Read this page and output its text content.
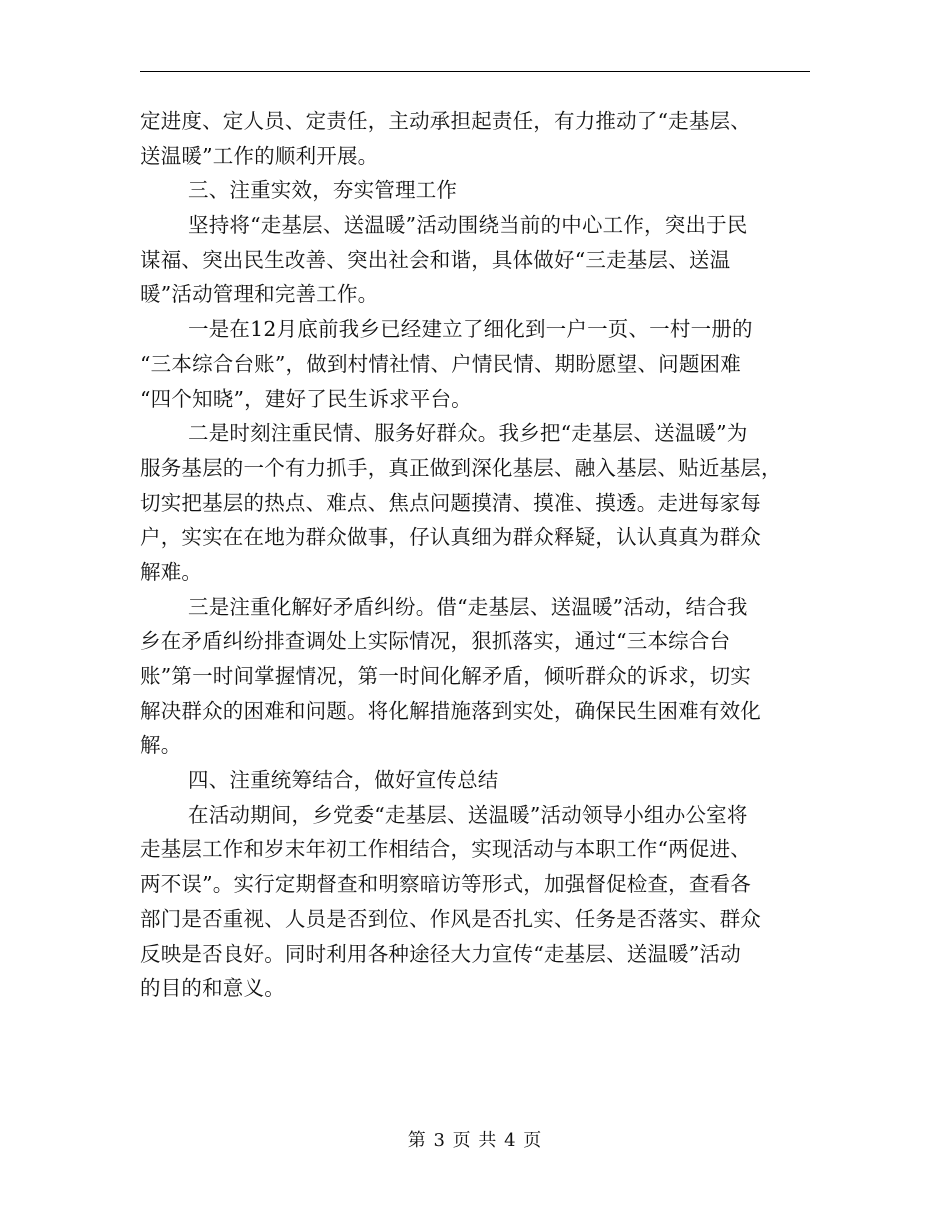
定进度、定人员、定责任，主动承担起责任，有力推动了“走基层、
送温暖”工作的顺利开展。
三、注重实效，夯实管理工作
坚持将“走基层、送温暖”活动围绕当前的中心工作，突出于民
谋福、突出民生改善、突出社会和谐，具体做好“三走基层、送温
暖”活动管理和完善工作。
一是在12月底前我乡已经建立了细化到一户一页、一村一册的
“三本综合台账”，做到村情社情、户情民情、期盼愿望、问题困难
“四个知晓”，建好了民生诉求平台。
二是时刻注重民情、服务好群众。我乡把“走基层、送温暖”为
服务基层的一个有力抓手，真正做到深化基层、融入基层、贴近基层，
切实把基层的热点、难点、焦点问题摸清、摸准、摸透。走进每家每
户，实实在在地为群众做事，仔认真细为群众释疑，认认真真为群众
解难。
三是注重化解好矛盾纠纷。借“走基层、送温暖”活动，结合我
乡在矛盾纠纷排查调处上实际情况，狠抓落实，通过“三本综合台
账”第一时间掌握情况，第一时间化解矛盾，倾听群众的诉求，切实
解决群众的困难和问题。将化解措施落到实处，确保民生困难有效化
解。
四、注重统筹结合，做好宣传总结
在活动期间，乡党委“走基层、送温暖”活动领导小组办公室将
走基层工作和岁末年初工作相结合，实现活动与本职工作“两促进、
两不误”。实行定期督查和明察暗访等形式，加强督促检查，查看各
部门是否重视、人员是否到位、作风是否扎实、任务是否落实、群众
反映是否良好。同时利用各种途径大力宣传“走基层、送温暖”活动
的目的和意义。
第 3 页 共 4 页
